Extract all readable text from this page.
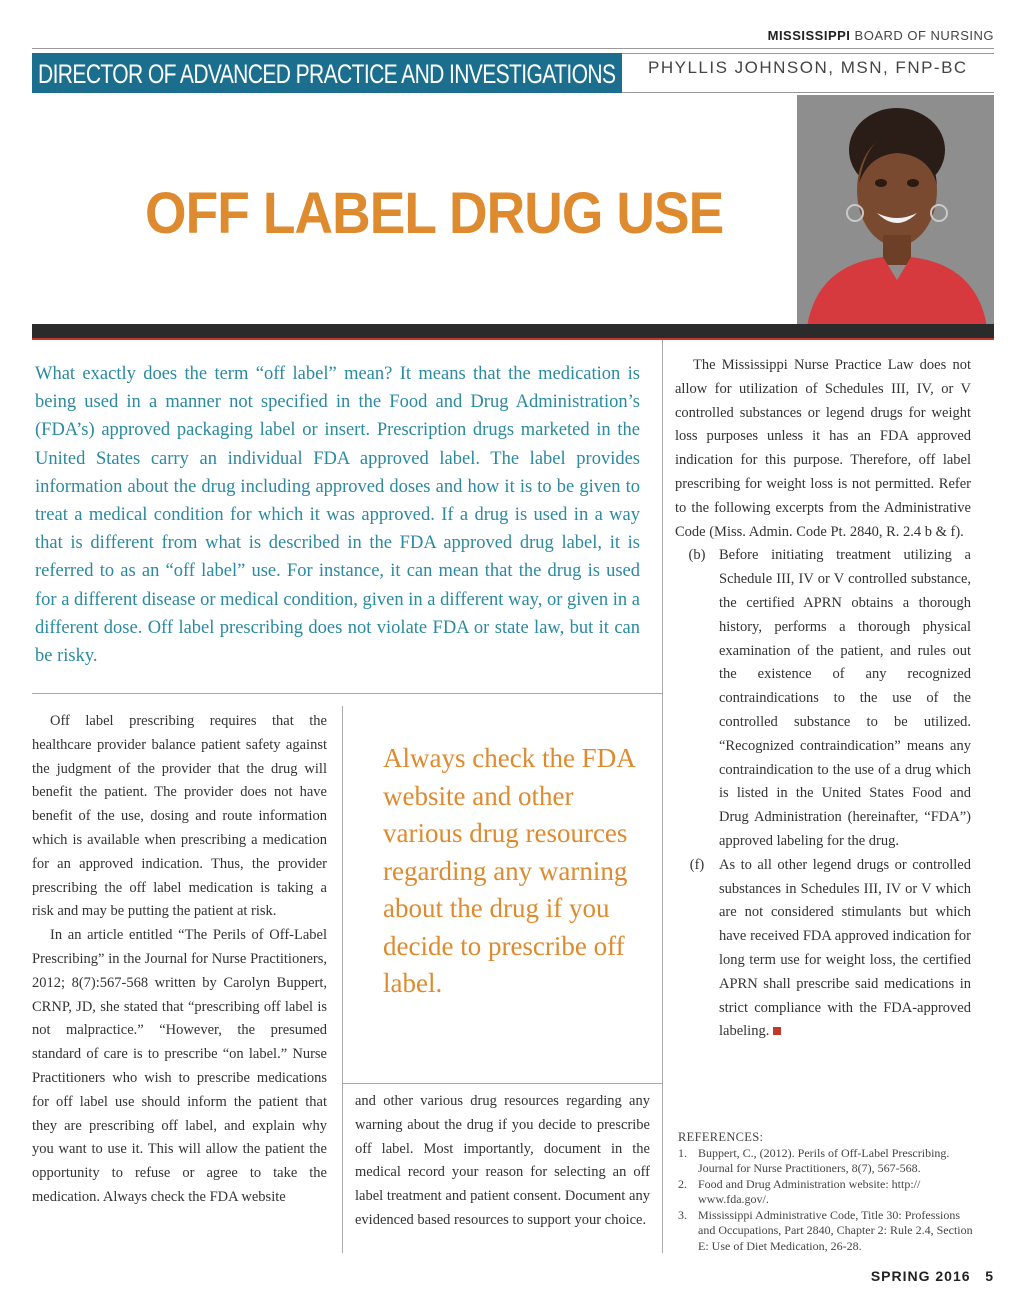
MISSISSIPPI BOARD OF NURSING
DIRECTOR OF ADVANCED PRACTICE AND INVESTIGATIONS PHYLLIS JOHNSON, MSN, FNP-BC
OFF LABEL DRUG USE
What exactly does the term “off label” mean? It means that the medication is being used in a manner not specified in the Food and Drug Administration’s (FDA’s) approved packaging label or insert. Prescription drugs marketed in the United States carry an individual FDA approved label. The label provides information about the drug including approved doses and how it is to be given to treat a medical condition for which it was approved. If a drug is used in a way that is different from what is described in the FDA approved drug label, it is referred to as an “off label” use. For instance, it can mean that the drug is used for a different disease or medical condition, given in a different way, or given in a different dose. Off label prescribing does not violate FDA or state law, but it can be risky.

Off label prescribing requires that the healthcare provider balance patient safety against the judgment of the provider that the drug will benefit the patient. The provider does not have benefit of the use, dosing and route information which is available when prescribing a medication for an approved indication. Thus, the provider prescribing the off label medication is taking a risk and may be putting the patient at risk.

In an article entitled “The Perils of Off-Label Prescribing” in the Journal for Nurse Practitioners, 2012; 8(7):567-568 written by Carolyn Buppert, CRNP, JD, she stated that “prescribing off label is not malpractice.” “However, the presumed standard of care is to prescribe “on label.” Nurse Practitioners who wish to prescribe medications for off label use should inform the patient that they are prescribing off label, and explain why you want to use it. This will allow the patient the opportunity to refuse or agree to take the medication. Always check the FDA website

Always check the FDA website and other various drug resources regarding any warning about the drug if you decide to prescribe off label.

and other various drug resources regarding any warning about the drug if you decide to prescribe off label. Most importantly, document in the medical record your reason for selecting an off label treatment and patient consent. Document any evidenced based resources to support your choice.

The Mississippi Nurse Practice Law does not allow for utilization of Schedules III, IV, or V controlled substances or legend drugs for weight loss purposes unless it has an FDA approved indication for this purpose. Therefore, off label prescribing for weight loss is not permitted. Refer to the following excerpts from the Administrative Code (Miss. Admin. Code Pt. 2840, R. 2.4 b & f).

(b) Before initiating treatment utilizing a Schedule III, IV or V controlled substance, the certified APRN obtains a thorough history, performs a thorough physical examination of the patient, and rules out the existence of any recognized contraindications to the use of the controlled substance to be utilized. “Recognized contraindication” means any contraindication to the use of a drug which is listed in the United States Food and Drug Administration (hereinafter, “FDA”) approved labeling for the drug.
(f)	As to all other legend drugs or controlled substances in Schedules III, IV or V which are not considered stimulants but which have received FDA approved indication for long term use for weight loss, the certified APRN shall prescribe said medications in strict compliance with the FDA-approved labeling.
REFERENCES:
1. Buppert, C., (2012). Perils of Off-Label Prescribing. Journal for Nurse Practitioners, 8(7), 567-568.
2. Food and Drug Administration website: http:// www.fda.gov/.
3. Mississippi Administrative Code, Title 30: Professions and Occupations, Part 2840, Chapter 2: Rule 2.4, Section E: Use of Diet Medication, 26-28.
SPRING 2016 5
